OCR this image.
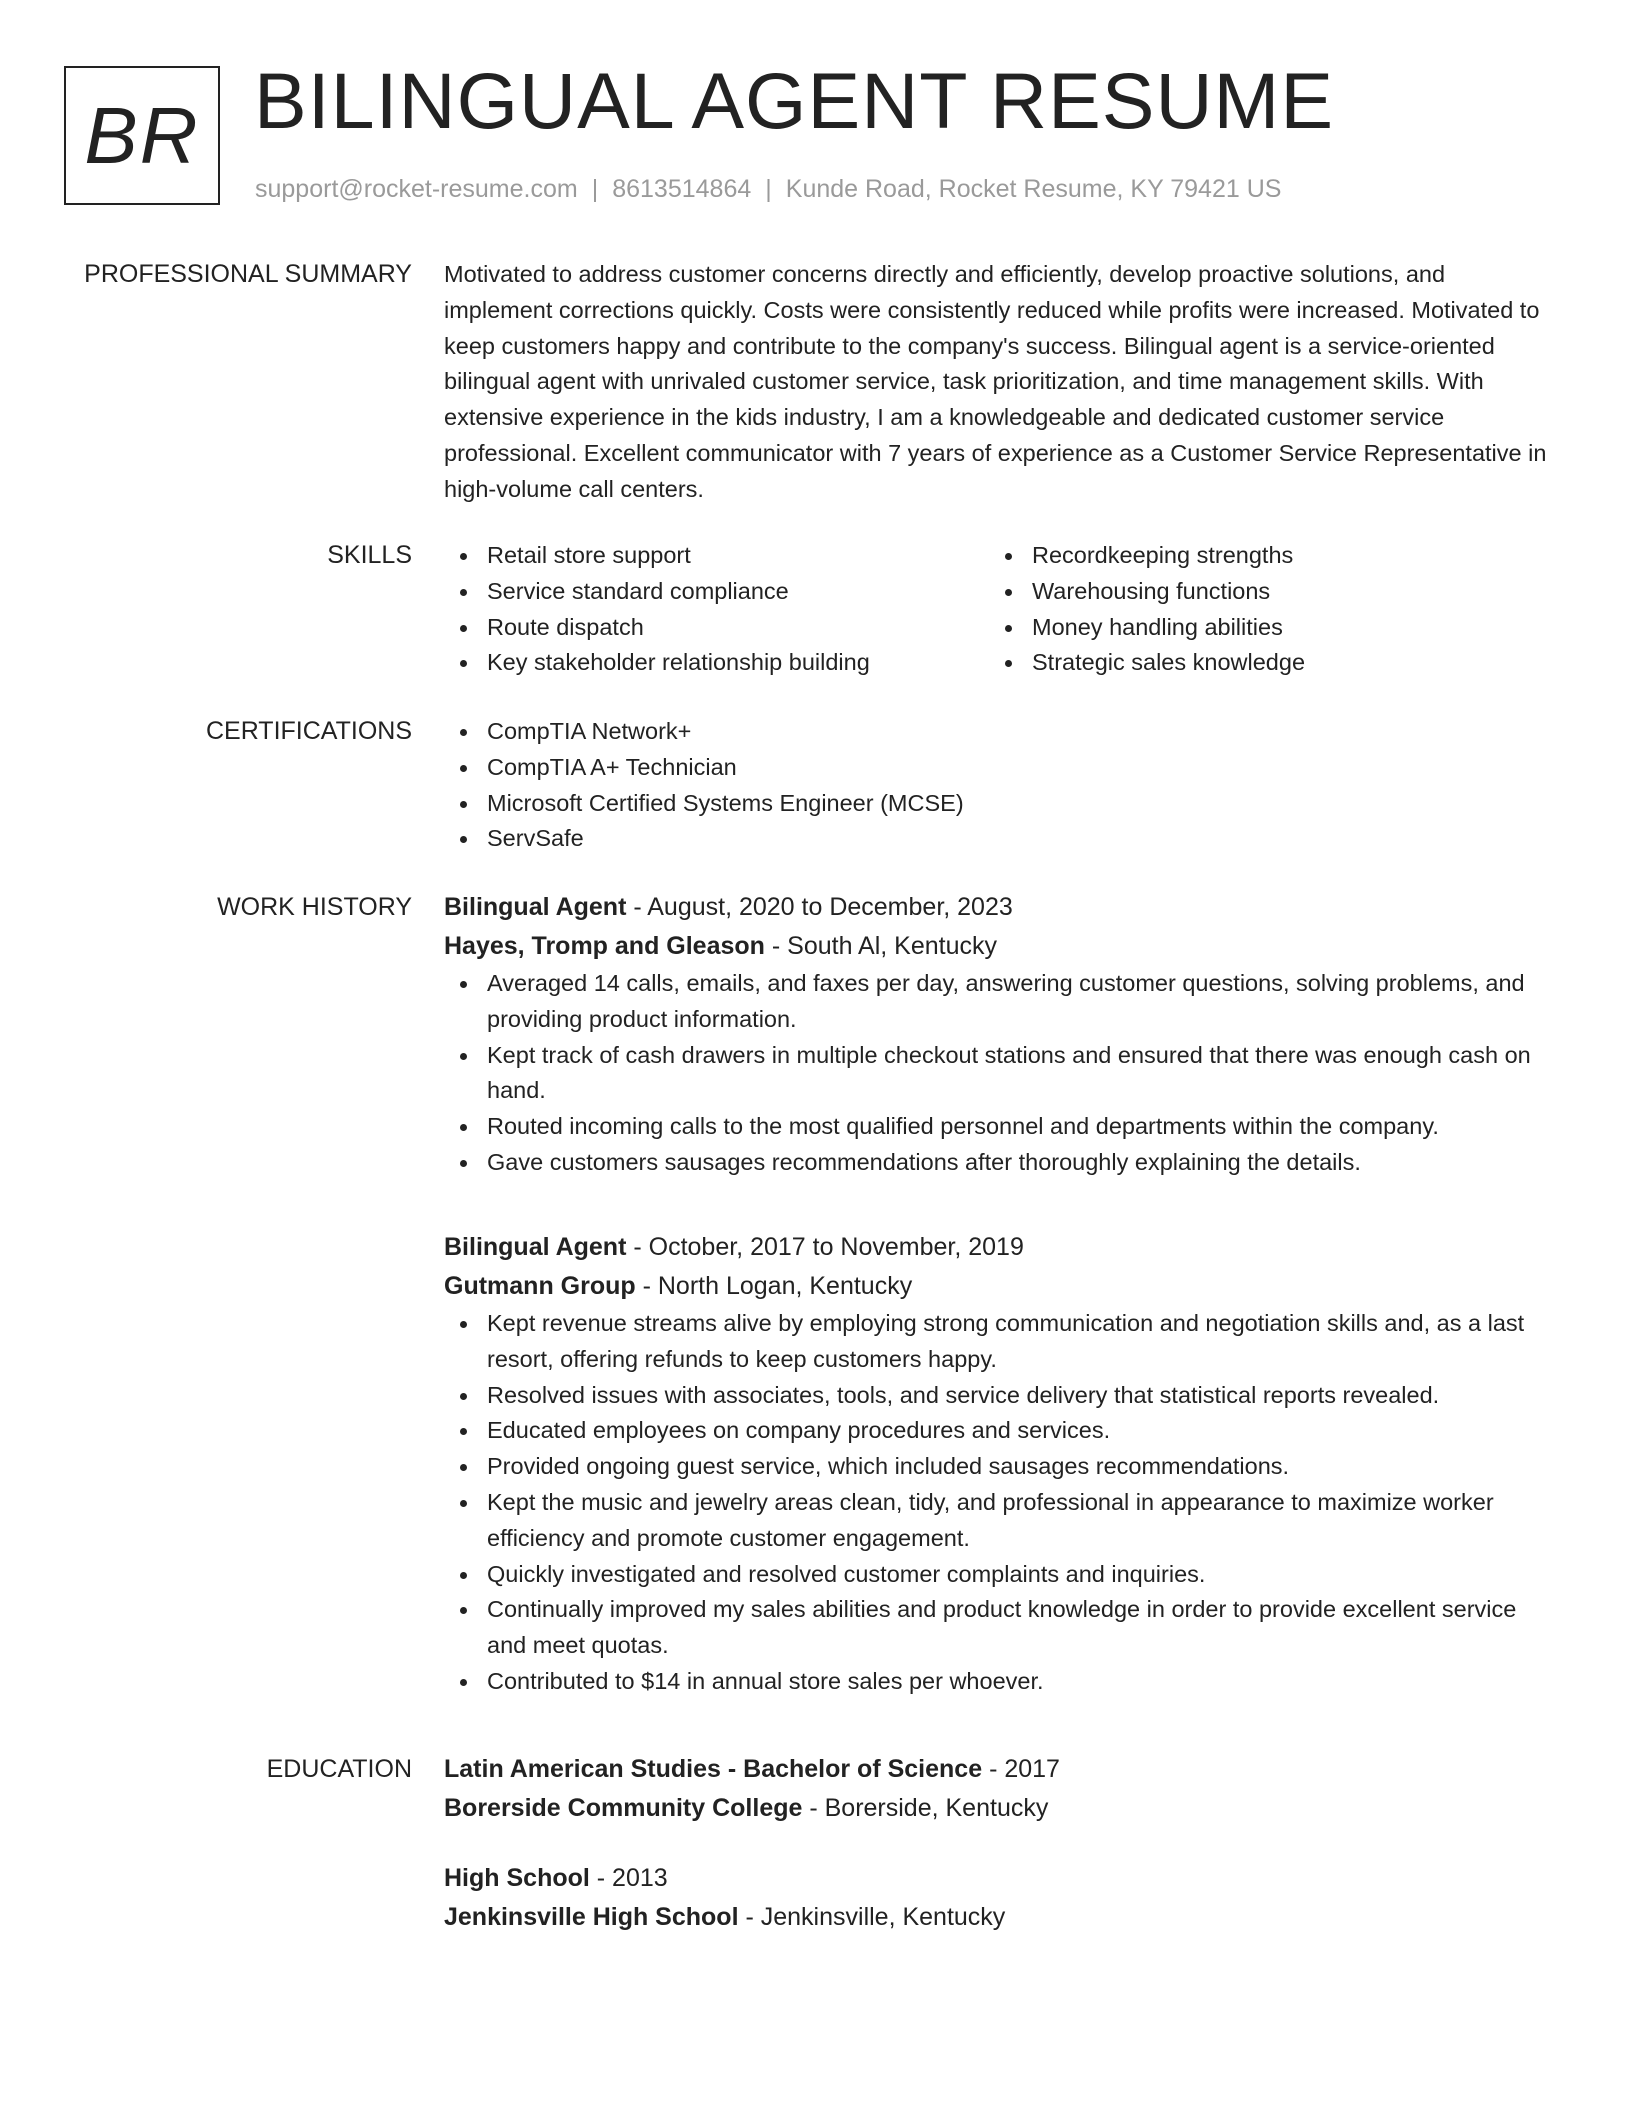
BR BILINGUAL AGENT RESUME
support@rocket-resume.com | 8613514864 | Kunde Road, Rocket Resume, KY 79421 US
PROFESSIONAL SUMMARY Motivated to address customer concerns directly and efficiently, develop proactive solutions, and implement corrections quickly. Costs were consistently reduced while profits were increased. Motivated to keep customers happy and contribute to the company's success. Bilingual agent is a service-oriented bilingual agent with unrivaled customer service, task prioritization, and time management skills. With extensive experience in the kids industry, I am a knowledgeable and dedicated customer service professional. Excellent communicator with 7 years of experience as a Customer Service Representative in high-volume call centers.
SKILLS	Retail store support
Service standard compliance
Route dispatch
Key stakeholder relationship building
Recordkeeping strengths
Warehousing functions
Money handling abilities
Strategic sales knowledge
CERTIFICATIONS	CompTIA Network+
CompTIA A+ Technician
Microsoft Certified Systems Engineer (MCSE)
ServSafe
WORK HISTORY Bilingual Agent - August, 2020 to December, 2023
Hayes, Tromp and Gleason - South Al, Kentucky
Averaged 14 calls, emails, and faxes per day, answering customer questions, solving problems, and providing product information.
Kept track of cash drawers in multiple checkout stations and ensured that there was enough cash on hand.
Routed incoming calls to the most qualified personnel and departments within the company.
Gave customers sausages recommendations after thoroughly explaining the details.
Bilingual Agent - October, 2017 to November, 2019
Gutmann Group - North Logan, Kentucky
Kept revenue streams alive by employing strong communication and negotiation skills and, as a last resort, offering refunds to keep customers happy.
Resolved issues with associates, tools, and service delivery that statistical reports revealed.
Educated employees on company procedures and services.
Provided ongoing guest service, which included sausages recommendations.
Kept the music and jewelry areas clean, tidy, and professional in appearance to maximize worker efficiency and promote customer engagement.
Quickly investigated and resolved customer complaints and inquiries.
Continually improved my sales abilities and product knowledge in order to provide excellent service and meet quotas.
Contributed to $14 in annual store sales per whoever.
EDUCATION Latin American Studies - Bachelor of Science - 2017
Borerside Community College - Borerside, Kentucky
High School - 2013
Jenkinsville High School - Jenkinsville, Kentucky
